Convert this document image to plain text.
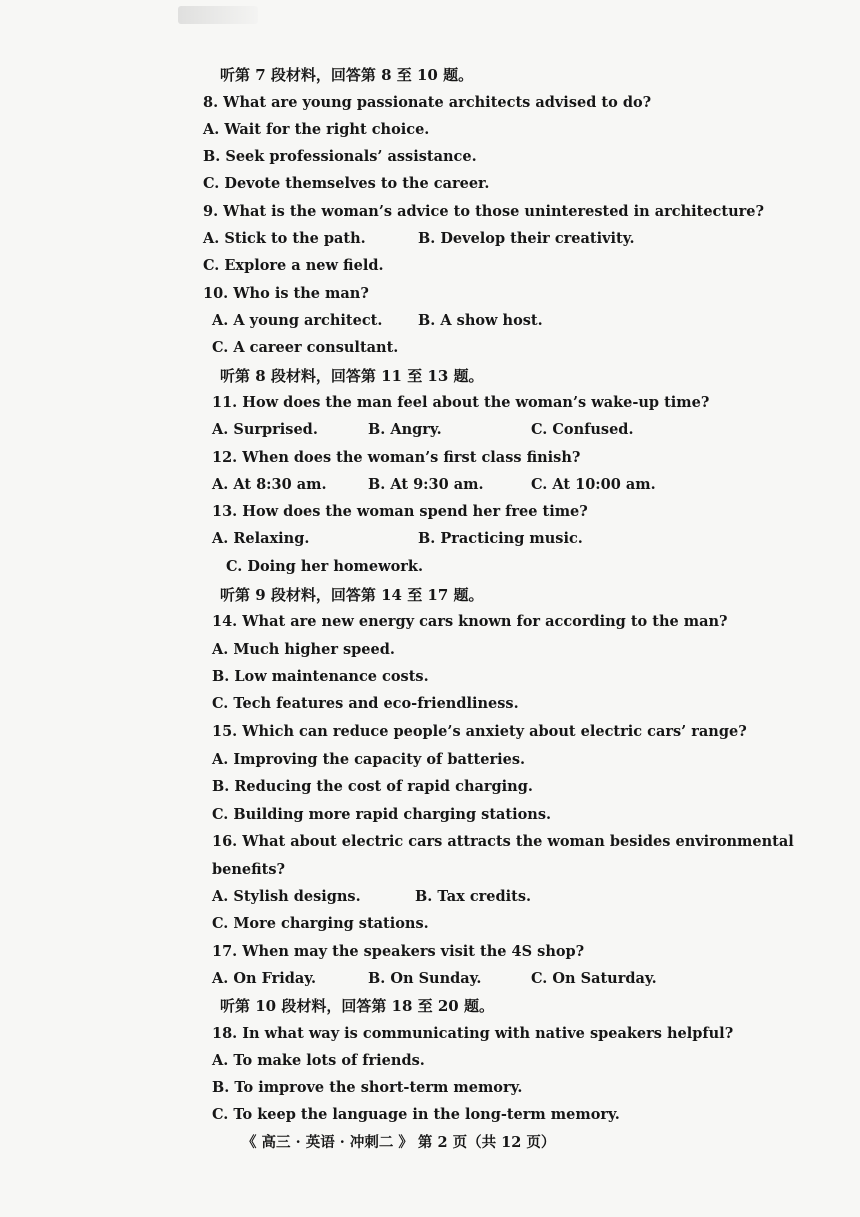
听第 7 段材料，回答第 8 至 10 题。
8. What are young passionate architects advised to do?
A. Wait for the right choice.
B. Seek professionals’ assistance.
C. Devote themselves to the career.
9. What is the woman’s advice to those uninterested in architecture?
A. Stick to the path.	B. Develop their creativity.
C. Explore a new field.
10. Who is the man?
A. A young architect. B. A show host.
C. A career consultant.
听第 8 段材料，回答第 11 至 13 题。
11. How does the man feel about the woman’s wake-up time?
A. Surprised.	B. Angry.	C. Confused.
12. When does the woman’s first class finish?
A. At 8:30 am.	B. At 9:30 am.	C. At 10:00 am.
13. How does the woman spend her free time?
A. Relaxing.	B. Practicing music.
C. Doing her homework.
听第 9 段材料，回答第 14 至 17 题。
14. What are new energy cars known for according to the man?
A. Much higher speed.
B. Low maintenance costs.
C. Tech features and eco-friendliness.
15. Which can reduce people’s anxiety about electric cars’ range?
A. Improving the capacity of batteries.
B. Reducing the cost of rapid charging.
C. Building more rapid charging stations.
16. What about electric cars attracts the woman besides environmental
benefits?
A. Stylish designs.	B. Tax credits.
C. More charging stations.
17. When may the speakers visit the 4S shop?
A. On Friday.	B. On Sunday.	C. On Saturday.
听第 10 段材料，回答第 18 至 20 题。
18. In what way is communicating with native speakers helpful?
A. To make lots of friends.
B. To improve the short-term memory.
C. To keep the language in the long-term memory.
《 高三 · 英语 · 冲刺二 》 第 2 页（共 12 页）
